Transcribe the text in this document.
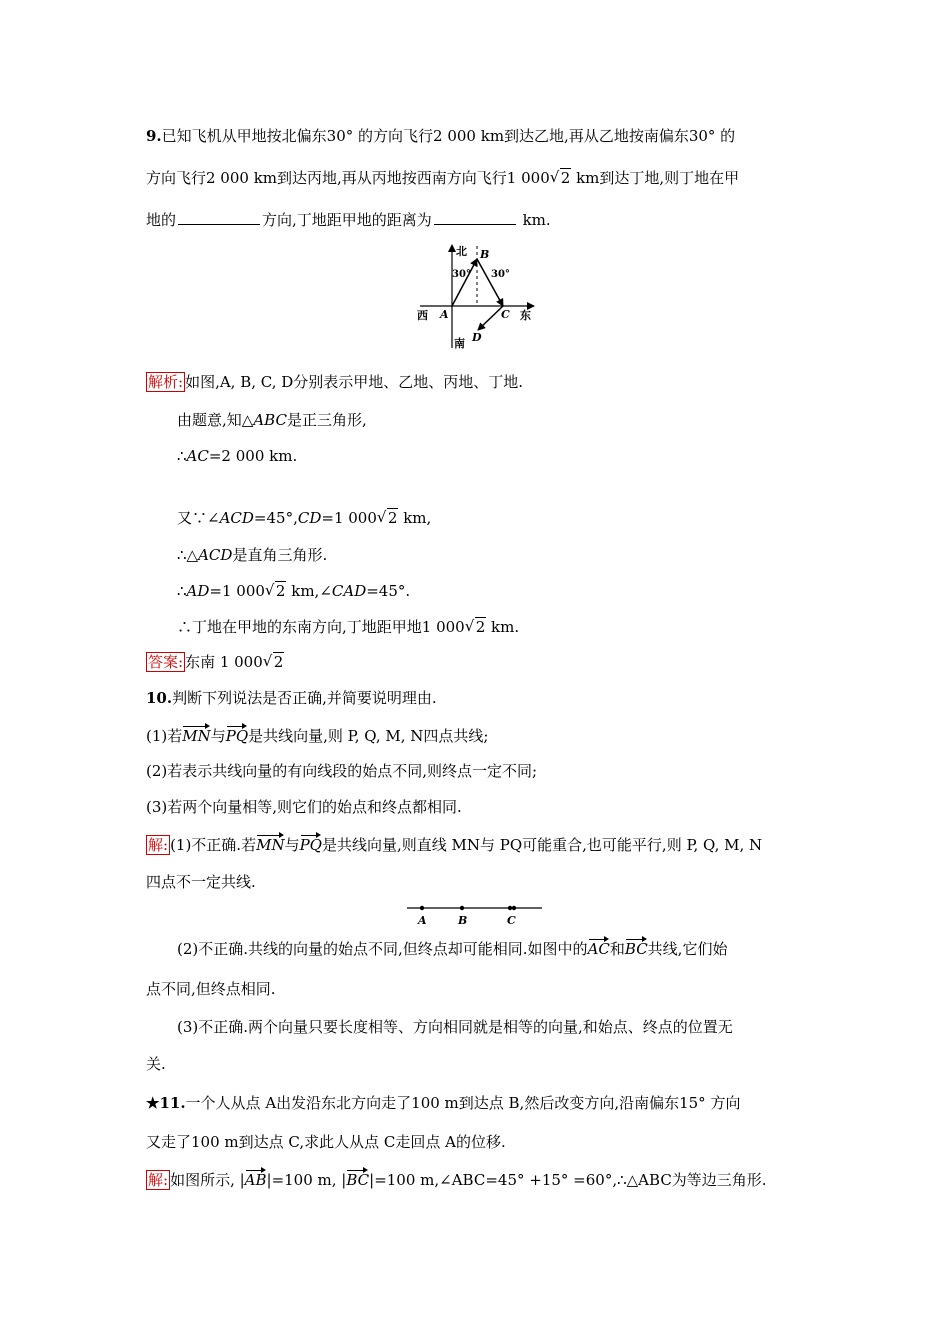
9.已知飞机从甲地按北偏东30° 的方向飞行2 000 km到达乙地,再从乙地按南偏东30° 的
方向飞行2 000 km到达丙地,再从丙地按西南方向飞行1 000 √ 2 km到达丁地,则丁地在甲
地的	方向,丁地距甲地的距离为	km.
北
南
西	东
A
B
C
D
30° 30°
解析: 如图,A, B, C, D分别表示甲地、乙地、丙地、丁地.
由题意,知△ABC是正三角形,
∴AC=2 000 km.
又∵∠ACD=45°,CD=1 000 √ 2 km,
∴△ACD是直角三角形.
∴AD=1 000 √ 2 km,∠CAD=45°.
∴丁地在甲地的东南方向,丁地距甲地1 000 √ 2 km.
答案: 东南 1 000 √ 2
10.判断下列说法是否正确,并简要说明理由.
(1)若MN与PQ是共线向量,则 P, Q, M, N四点共线;
(2)若表示共线向量的有向线段的始点不同,则终点一定不同;
(3)若两个向量相等,则它们的始点和终点都相同.
解: (1)不正确.若MN与PQ是共线向量,则直线 MN与 PQ可能重合,也可能平行,则 P, Q, M, N
四点不一定共线.
A	B	C
(2)不正确.共线的向量的始点不同,但终点却可能相同.如图中的AC和BC共线,它们始
点不同,但终点相同.
(3)不正确.两个向量只要长度相等、方向相同就是相等的向量,和始点、终点的位置无
关.
★11.一个人从点 A出发沿东北方向走了100 m到达点 B,然后改变方向,沿南偏东15° 方向
又走了100 m到达点 C,求此人从点 C走回点 A的位移.
解: 如图所示, |AB|=100 m, |BC|=100 m,∠ABC=45° +15° =60°,∴△ABC为等边三角形.
